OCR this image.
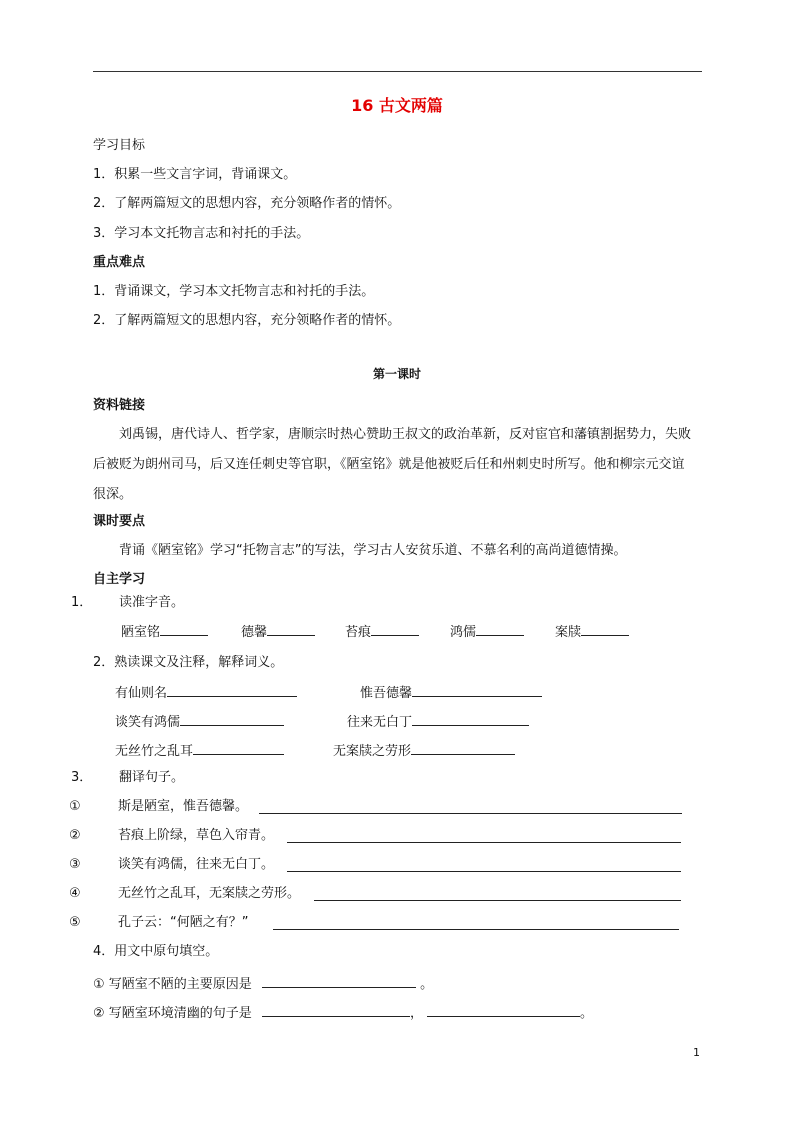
16 古文两篇
学习目标
1．积累一些文言字词，背诵课文。
2．了解两篇短文的思想内容，充分领略作者的情怀。
3．学习本文托物言志和衬托的手法。
重点难点
1．背诵课文，学习本文托物言志和衬托的手法。
2．了解两篇短文的思想内容，充分领略作者的情怀。
第一课时
资料链接
刘禹锡，唐代诗人、哲学家，唐顺宗时热心赞助王叔文的政治革新，反对宦官和藩镇割据势力，失败后被贬为朗州司马，后又连任刺史等官职，《陋室铭》就是他被贬后任和州刺史时所写。他和柳宗元交谊很深。
课时要点
背诵《陋室铭》学习“托物言志”的写法，学习古人安贫乐道、不慕名利的高尚道德情操。
自主学习
1． 读准字音。
陋室铭	德馨	苔痕	鸿儒	案牍
2．熟读课文及注释，解释词义。
有仙则名	惟吾德馨
谈笑有鸿儒	往来无白丁
无丝竹之乱耳	无案牍之劳形
3． 翻译句子。
①	斯是陋室，惟吾德馨。
②	苔痕上阶绿，草色入帘青。
③	谈笑有鸿儒，往来无白丁。
④	无丝竹之乱耳，无案牍之劳形。
⑤	孔子云：“何陋之有？”
4．用文中原句填空。
① 写陋室不陋的主要原因是	。
② 写陋室环境清幽的句子是	，	。
1
